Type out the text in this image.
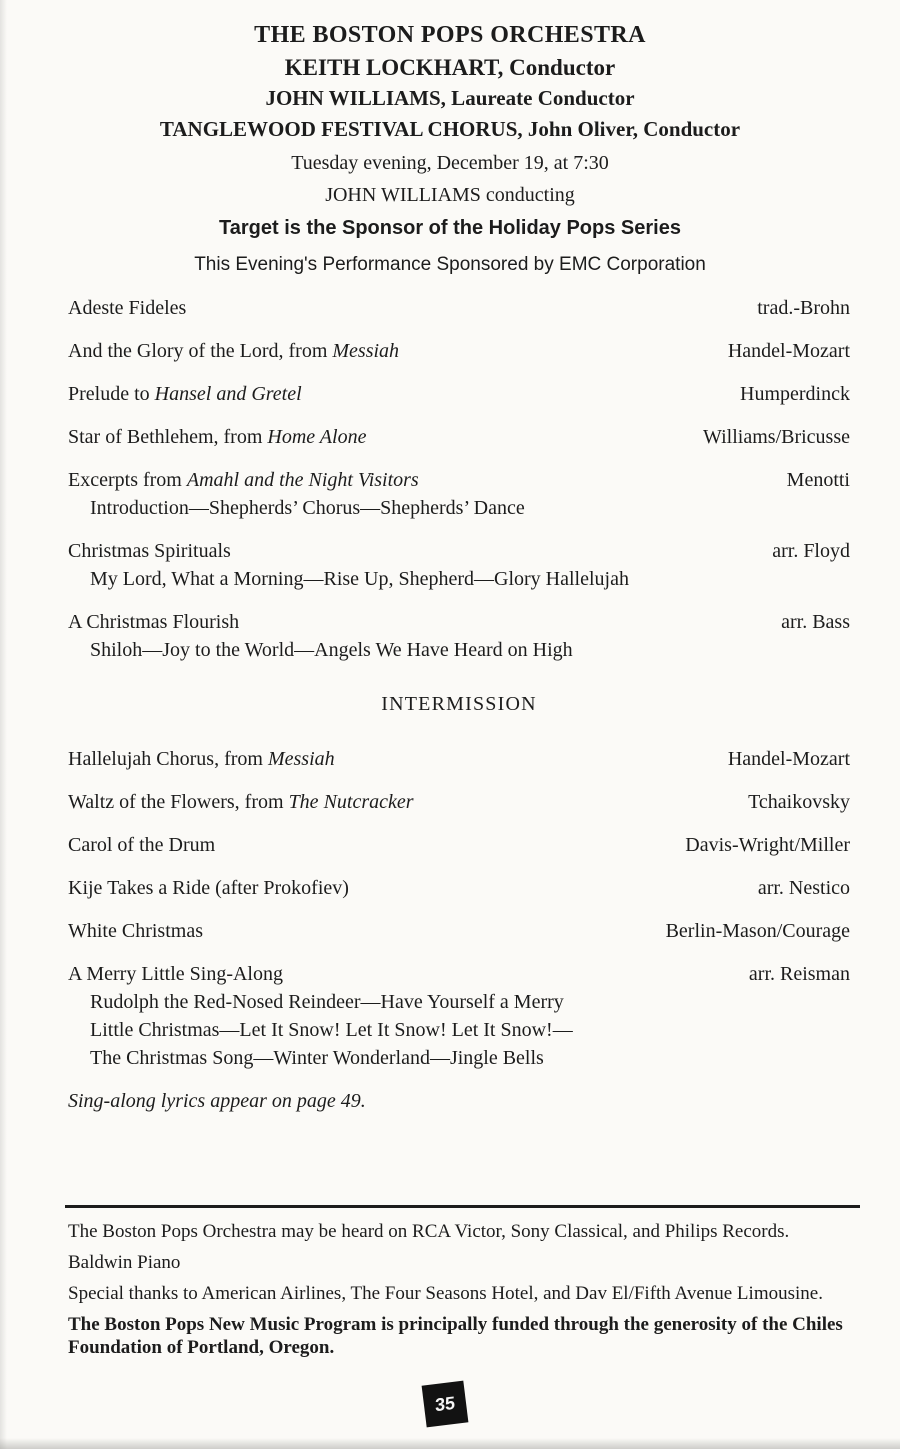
THE BOSTON POPS ORCHESTRA
KEITH LOCKHART, Conductor
JOHN WILLIAMS, Laureate Conductor
TANGLEWOOD FESTIVAL CHORUS, John Oliver, Conductor
Tuesday evening, December 19, at 7:30
JOHN WILLIAMS conducting
Target is the Sponsor of the Holiday Pops Series
This Evening's Performance Sponsored by EMC Corporation
Adeste Fideles	trad.-Brohn
And the Glory of the Lord, from Messiah	Handel-Mozart
Prelude to Hansel and Gretel	Humperdinck
Star of Bethlehem, from Home Alone	Williams/Bricusse
Excerpts from Amahl and the Night Visitors	Menotti
Introduction—Shepherds’ Chorus—Shepherds’ Dance
Christmas Spirituals	arr. Floyd
My Lord, What a Morning—Rise Up, Shepherd—Glory Hallelujah
A Christmas Flourish	arr. Bass
Shiloh—Joy to the World—Angels We Have Heard on High
INTERMISSION
Hallelujah Chorus, from Messiah	Handel-Mozart
Waltz of the Flowers, from The Nutcracker	Tchaikovsky
Carol of the Drum	Davis-Wright/Miller
Kije Takes a Ride (after Prokofiev)	arr. Nestico
White Christmas	Berlin-Mason/Courage
A Merry Little Sing-Along	arr. Reisman
Rudolph the Red-Nosed Reindeer—Have Yourself a Merry
Little Christmas—Let It Snow! Let It Snow! Let It Snow!—
The Christmas Song—Winter Wonderland—Jingle Bells
Sing-along lyrics appear on page 49.

The Boston Pops Orchestra may be heard on RCA Victor, Sony Classical, and Philips Records.

Baldwin Piano

Special thanks to American Airlines, The Four Seasons Hotel, and Dav El/Fifth Avenue Limousine.

The Boston Pops New Music Program is principally funded through the generosity of the Chiles Foundation of Portland, Oregon.

35
